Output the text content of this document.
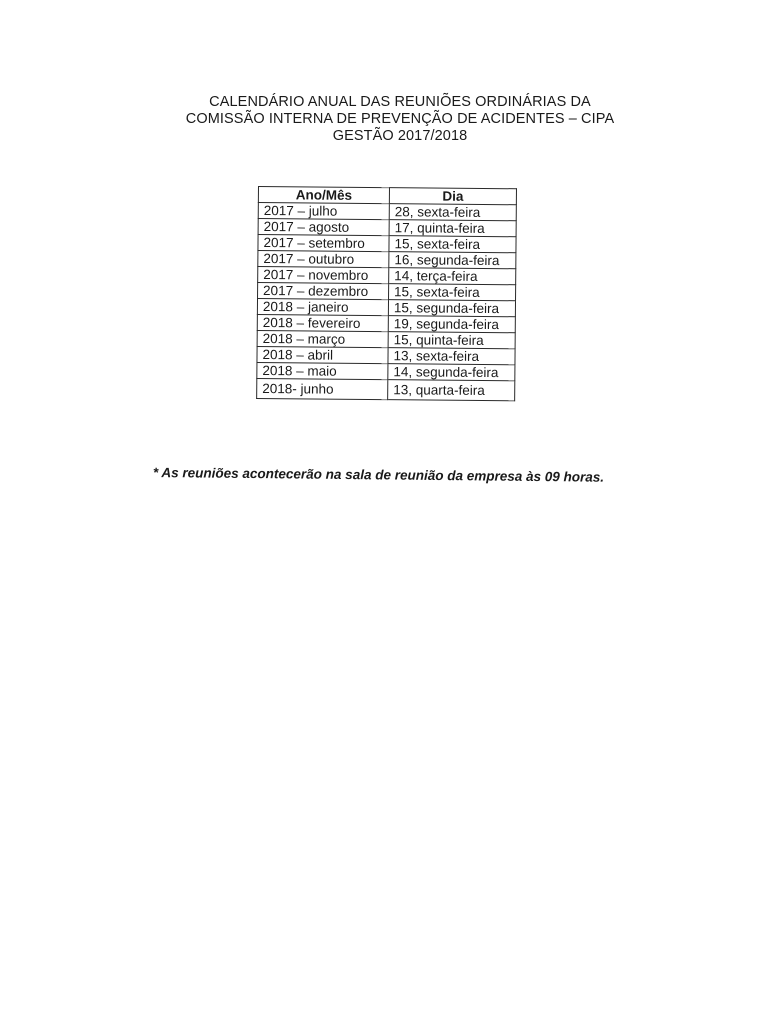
CALENDÁRIO ANUAL DAS REUNIÕES ORDINÁRIAS DA
COMISSÃO INTERNA DE PREVENÇÃO DE ACIDENTES – CIPA
GESTÃO 2017/2018
Ano/Mês	Dia
2017 – julho	28, sexta-feira
2017 – agosto	17, quinta-feira
2017 – setembro	15, sexta-feira
2017 – outubro	16, segunda-feira
2017 – novembro	14, terça-feira
2017 – dezembro	15, sexta-feira
2018 – janeiro	15, segunda-feira
2018 – fevereiro	19, segunda-feira
2018 – março	15, quinta-feira
2018 – abril	13, sexta-feira
2018 – maio	14, segunda-feira
2018- junho	13, quarta-feira
* As reuniões acontecerão na sala de reunião da empresa às 09 horas.
